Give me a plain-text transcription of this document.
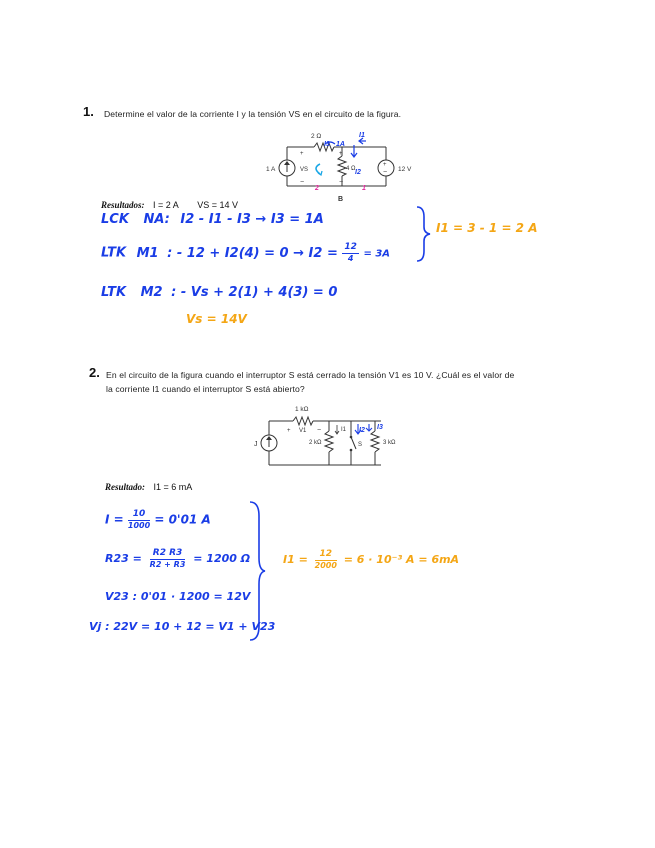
1. Determine el valor de la corriente I y la tensión VS en el circuito de la figura.
+
−
2 Ω
4 Ω
1 A	12 V
VS
+
−
+
−
B
I3 1A
I1
I2
2	1
Resultados: I = 2 A VS = 14 V
LCK NA: I2 - I1 - I3 → I3 = 1A
LTK M1 : - $12 + I2(4) = 0 \to I2 = \frac{12}{4} = 3A$
LTK M2 : - Vs + 2(1) + 4(3) = 0
Vs = 14V
I1 = 3 - 1 = 2 A
2. En el circuito de la figura cuando el interruptor S está cerrado la tensión V1 es 10 V. ¿Cuál es el valor de
la corriente I1 cuando el interruptor S está abierto?
1 kΩ
2 kΩ	3 kΩ
J
+ V1 −	I1
S
I2 I3
Resultado: I1 = 6 mA
$I = \frac{10}{1000} = 0'01$ A
$R23 = \frac{R2 R3}{R2 + R3} = 1200$ Ω
V23 : 0'01 · 1200 = 12V
Vj : 22V = 10 + 12 = V1 + V23
$I1 = \frac{12}{2000} = 6 \cdot 10^{-3}$ A = 6mA
